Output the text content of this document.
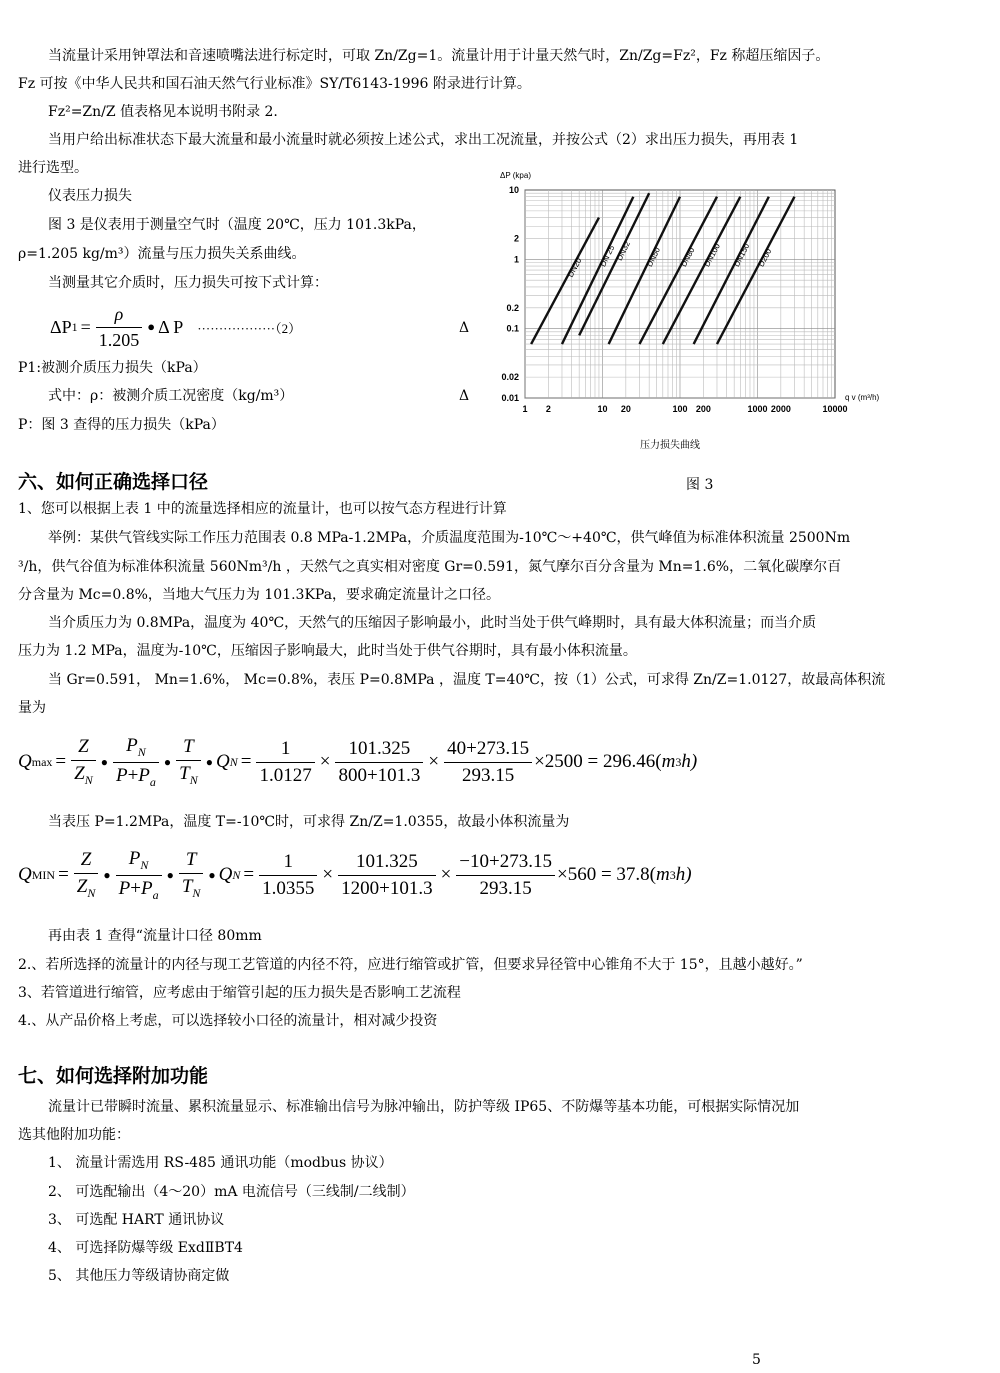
当流量计采用钟罩法和音速喷嘴法进行标定时，可取 Zn/Zg=1。流量计用于计量天然气时，Zn/Zg=Fz²，Fz 称超压缩因子。
Fz 可按《中华人民共和国石油天然气行业标准》SY/T6143-1996 附录进行计算。
Fz²=Zn/Z 值表格见本说明书附录 2.
当用户给出标准状态下最大流量和最小流量时就必须按上述公式，求出工况流量，并按公式（2）求出压力损失，再用表 1
进行选型。
仪表压力损失
图 3 是仪表用于测量空气时（温度 20℃，压力 101.3kPa，
ρ=1.205 kg/m³）流量与压力损失关系曲线。
当测量其它介质时，压力损失可按下式计算：
ΔP $1 = \frac{\rho}{1.205}$ ● Δ P ··················（2）	Δ
P1:被测介质压力损失（kPa）
式中：ρ：被测介质工况密度（kg/m³）	Δ
P：图 3 查得的压力损失（kPa）
DN20 DN 25
DN32 DN50 DN80 DN100 DN150 D200
1 2	10 20	100 200	1000 2000	10000
10
2
1
0.2
0.1
0.02
0.01
ΔP (kpa)
q v (m³/h)
压力损失曲线
图 3
六、如何正确选择口径
1、您可以根据上表 1 中的流量选择相应的流量计，也可以按气态方程进行计算
举例：某供气管线实际工作压力范围表 0.8 MPa-1.2MPa，介质温度范围为-10℃～+40℃，供气峰值为标准体积流量 2500Nm
³/h，供气谷值为标准体积流量 560Nm³/h ，天然气之真实相对密度 Gr=0.591，氮气摩尔百分含量为 Mn=1.6%，二氧化碳摩尔百
分含量为 Mc=0.8%，当地大气压力为 101.3KPa，要求确定流量计之口径。
当介质压力为 0.8MPa，温度为 40℃，天然气的压缩因子影响最小，此时当处于供气峰期时，具有最大体积流量；而当介质
压力为 1.2 MPa，温度为-10℃，压缩因子影响最大，此时当处于供气谷期时，具有最小体积流量。
当 Gr=0.591， Mn=1.6%， Mc=0.8%，表压 P=0.8MPa ，温度 T=40℃，按（1）公式，可求得 Zn/Z=1.0127，故最高体积流
量为
Q $\max = \frac{Z}{Z_N}$ ● $\frac{P_N}{P+P_a}$ ● $\frac{T}{T_N}$ ● Q $N = \frac{1}{1.0127} \times \frac{101.325}{800+101.3} \times \frac{40+273.15}{293.15} \times 2500 = 296.46$( m 3 h)
当表压 P=1.2MPa，温度 T=-10℃时，可求得 Zn/Z=1.0355，故最小体积流量为
Q MIN = $\frac{Z}{Z_N}$ ● $\frac{P_N}{P+P_a}$ ● $\frac{T}{T_N}$ ● Q $N = \frac{1}{1.0355} \times \frac{101.325}{1200+101.3} \times \frac{-10+273.15}{293.15} \times 560 = 37.8$( m 3 h)
再由表 1 查得“流量计口径 80mm
2.、若所选择的流量计的内径与现工艺管道的内径不符，应进行缩管或扩管，但要求异径管中心锥角不大于 15°，且越小越好。”
3、若管道进行缩管，应考虑由于缩管引起的压力损失是否影响工艺流程
4.、从产品价格上考虑，可以选择较小口径的流量计，相对减少投资
七、如何选择附加功能
流量计已带瞬时流量、累积流量显示、标准输出信号为脉冲输出，防护等级 IP65、不防爆等基本功能，可根据实际情况加
选其他附加功能：
1、 流量计需选用 RS-485 通讯功能（modbus 协议）
2、 可选配输出（4～20）mA 电流信号（三线制/二线制）
3、 可选配 HART 通讯协议
4、 可选择防爆等级 ExdⅡBT4
5、 其他压力等级请协商定做
5
